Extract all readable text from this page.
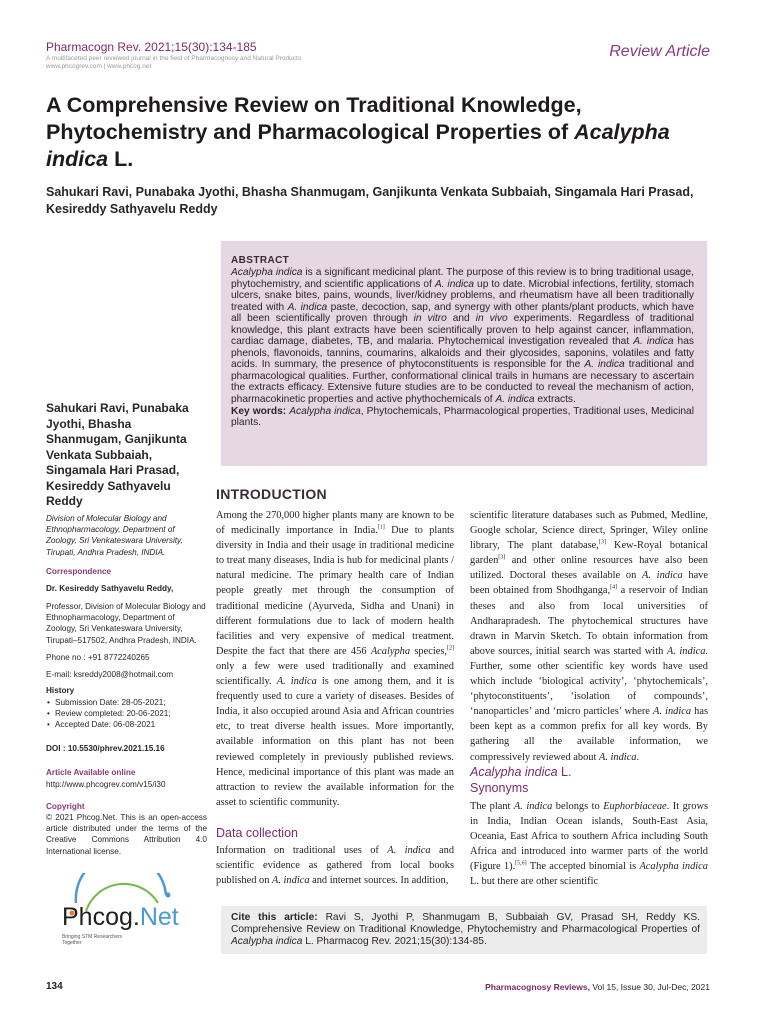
Pharmacogn Rev. 2021;15(30):134-185
A multifaceted peer reviewed journal in the field of Pharmacognosy and Natural Products
www.phcogrev.com | www.phcog.net
Review Article
A Comprehensive Review on Traditional Knowledge, Phytochemistry and Pharmacological Properties of Acalypha indica L.
Sahukari Ravi, Punabaka Jyothi, Bhasha Shanmugam, Ganjikunta Venkata Subbaiah, Singamala Hari Prasad, Kesireddy Sathyavelu Reddy
ABSTRACT
Acalypha indica is a significant medicinal plant. The purpose of this review is to bring traditional usage, phytochemistry, and scientific applications of A. indica up to date. Microbial infections, fertility, stomach ulcers, snake bites, pains, wounds, liver/kidney problems, and rheumatism have all been traditionally treated with A. indica paste, decoction, sap, and synergy with other plants/plant products, which have all been scientifically proven through in vitro and in vivo experiments. Regardless of traditional knowledge, this plant extracts have been scientifically proven to help against cancer, inflammation, cardiac damage, diabetes, TB, and malaria. Phytochemical investigation revealed that A. indica has phenols, flavonoids, tannins, coumarins, alkaloids and their glycosides, saponins, volatiles and fatty acids. In summary, the presence of phytoconstituents is responsible for the A. indica traditional and pharmacological qualities. Further, conformational clinical trails in humans are necessary to ascertain the extracts efficacy. Extensive future studies are to be conducted to reveal the mechanism of action, pharmacokinetic properties and active phythochemicals of A. indica extracts.
Key words: Acalypha indica, Phytochemicals, Pharmacological properties, Traditional uses, Medicinal plants.
Sahukari Ravi, Punabaka Jyothi, Bhasha Shanmugam, Ganjikunta Venkata Subbaiah, Singamala Hari Prasad, Kesireddy Sathyavelu Reddy
Division of Molecular Biology and Ethnopharmacology, Department of Zoology, Sri Venkateswara University, Tirupati, Andhra Pradesh, INDIA.
Correspondence
Dr. Kesireddy Sathyavelu Reddy,
Professor, Division of Molecular Biology and Ethnopharmacology, Department of Zoology, Sri Venkateswara University, Tirupati–517502, Andhra Pradesh, INDIA.
Phone no : +91 8772240265
E-mail: ksreddy2008@hotmail.com
History
• Submission Date: 28-05-2021;
• Review completed: 20-06-2021;
• Accepted Date: 06-08-2021
DOI : 10.5530/phrev.2021.15.16
Article Available online
http://www.phcogrev.com/v15/i30
Copyright
© 2021 Phcog.Net. This is an open-access article distributed under the terms of the Creative Commons Attribution 4.0 International license.
Phcog.Net
Bringing STM Researchers Together
INTRODUCTION
Among the 270,000 higher plants many are known to be of medicinally importance in India.[1] Due to plants diversity in India and their usage in traditional medicine to treat many diseases, India is hub for medicinal plants / natural medicine. The primary health care of Indian people greatly met through the consumption of traditional medicine (Ayurveda, Sidha and Unani) in different formulations due to lack of modern health facilities and very expensive of medical treatment. Despite the fact that there are 456 Acalypha species,[2] only a few were used traditionally and examined scientifically. A. indica is one among them, and it is frequently used to cure a variety of diseases. Besides of India, it also occupied around Asia and African countries etc, to treat diverse health issues. More importantly, available information on this plant has not been reviewed completely in previously published reviews. Hence, medicinal importance of this plant was made an attraction to review the available information for the asset to scientific community.
Data collection
Information on traditional uses of A. indica and scientific evidence as gathered from local books published on A. indica and internet sources. In addition,
scientific literature databases such as Pubmed, Medline, Google scholar, Science direct, Springer, Wiley online library, The plant database,[3] Kew-Royal botanical garden[3] and other online resources have also been utilized. Doctoral theses available on A. indica have been obtained from Shodhganga,[4] a reservoir of Indian theses and also from local universities of Andharapradesh. The phytochemical structures have drawn in Marvin Sketch. To obtain information from above sources, initial search was started with A. indica. Further, some other scientific key words have used which include ‘biological activity’, ‘phytochemicals’, ‘phytoconstituents’, ‘isolation of compounds’, ‘nanoparticles’ and ‘micro particles’ where A. indica has been kept as a common prefix for all key words. By gathering all the available information, we compressively reviewed about A. indica.
Acalypha indica L.
Synonyms
The plant A. indica belongs to Euphorbiaceae. It grows in India, Indian Ocean islands, South-East Asia, Oceania, East Africa to southern Africa including South Africa and introduced into warmer parts of the world (Figure 1).[5,6] The accepted binomial is Acalypha indica L. but there are other scientific
Cite this article: Ravi S, Jyothi P, Shanmugam B, Subbaiah GV, Prasad SH, Reddy KS. Comprehensive Review on Traditional Knowledge, Phytochemistry and Pharmacological Properties of Acalypha indica L. Pharmacog Rev. 2021;15(30):134-85.
134	Pharmacognosy Reviews, Vol 15, Issue 30, Jul-Dec, 2021
